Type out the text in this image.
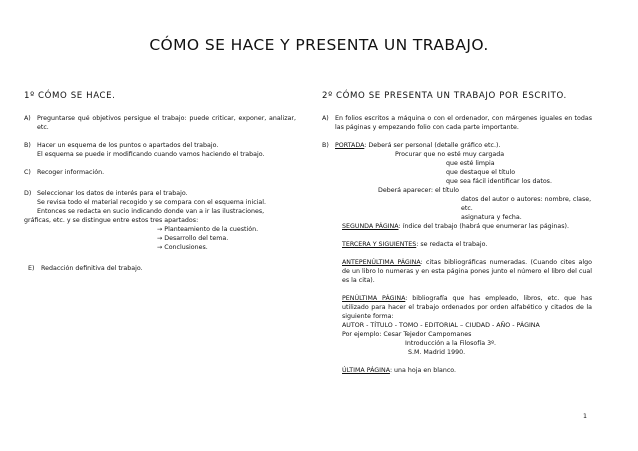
CÓMO SE HACE Y PRESENTA UN TRABAJO.
1º CÓMO SE HACE.
A) Preguntarse qué objetivos persigue el trabajo: puede criticar, exponer, analizar, etc.
B) Hacer un esquema de los puntos o apartados del trabajo.
El esquema se puede ir modificando cuando vamos haciendo el trabajo.
C) Recoger información.
D) Seleccionar los datos de interés para el trabajo.
Se revisa todo el material recogido y se compara con el esquema inicial.
Entonces se redacta en sucio indicando donde van a ir las ilustraciones,
gráficas, etc. y se distingue entre estos tres apartados:
→ Planteamiento de la cuestión.
→ Desarrollo del tema.
→ Conclusiones.
E) Redacción definitiva del trabajo.
2º CÓMO SE PRESENTA UN TRABAJO POR ESCRITO.
A) En folios escritos a máquina o con el ordenador, con márgenes iguales en todas las páginas y empezando folio con cada parte importante.
B) PORTADA: Deberá ser personal (detalle gráfico etc.).
Procurar que no esté muy cargada
que esté limpia
que destaque el título
que sea fácil identificar los datos.
Deberá aparecer: el título
datos del autor o autores: nombre, clase, etc.
asignatura y fecha.
SEGUNDA PÁGINA: índice del trabajo (habrá que enumerar las páginas).
TERCERA Y SIGUIENTES: se redacta el trabajo.
ANTEPENÚLTIMA PÁGINA: citas bibliográficas numeradas. (Cuando cites algo de un libro lo numeras y en esta página pones junto el número el libro del cual es la cita).
PENÚLTIMA PÁGINA: bibliografía que has empleado, libros, etc. que has utilizado para hacer el trabajo ordenados por orden alfabético y citados de la siguiente forma:
AUTOR - TÍTULO - TOMO - EDITORIAL – CIUDAD - AÑO - PÁGINA
Por ejemplo: Cesar Tejedor Campomanes
Introducción a la Filosofía 3º.
S.M. Madrid 1990.
ÚLTIMA PÁGINA: una hoja en blanco.
1
